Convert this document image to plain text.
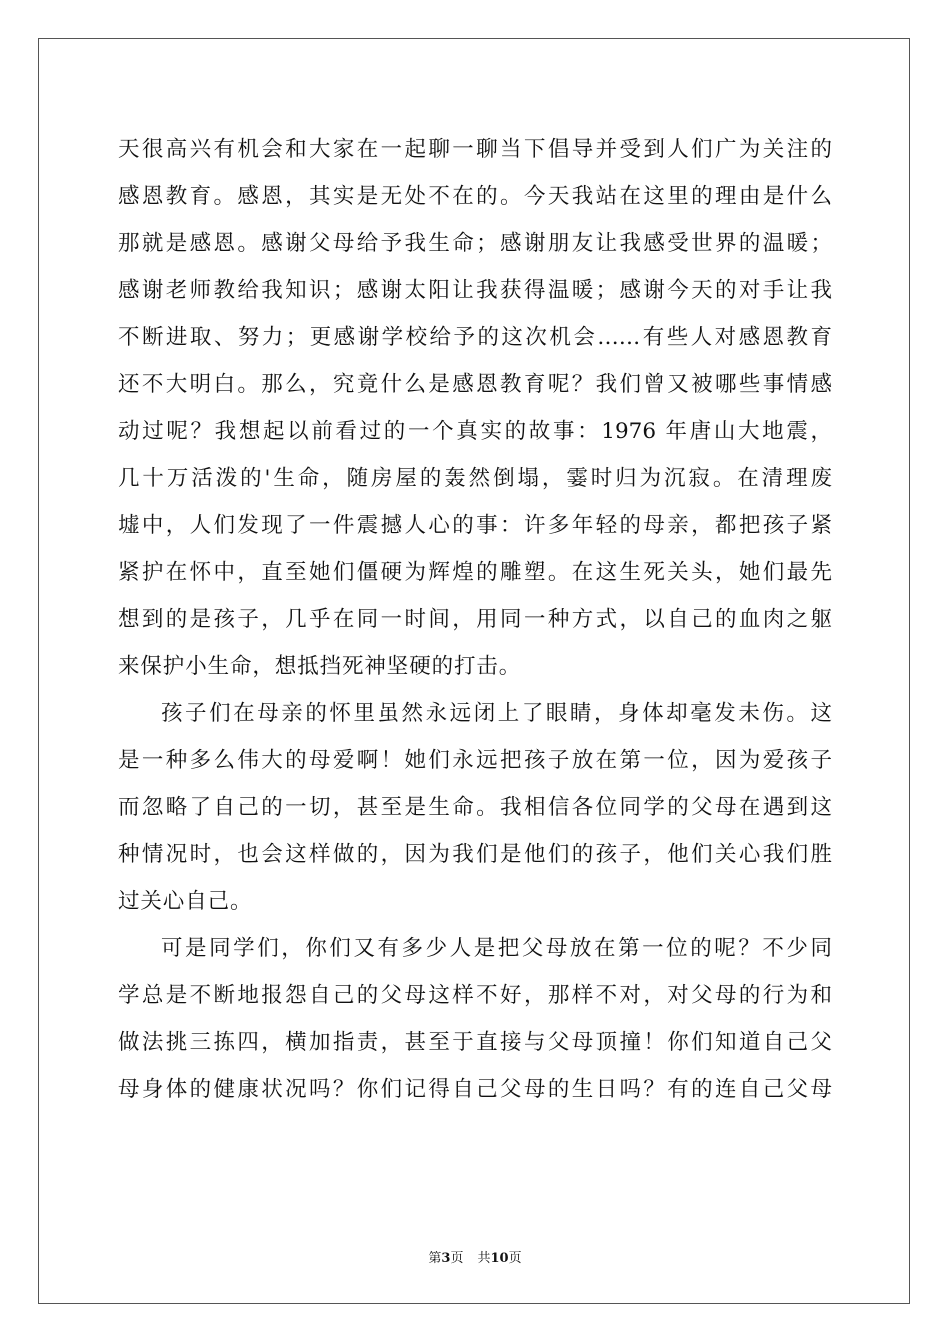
天很高兴有机会和大家在一起聊一聊当下倡导并受到人们广为关注的
感恩教育。感恩，其实是无处不在的。今天我站在这里的理由是什么
那就是感恩。感谢父母给予我生命；感谢朋友让我感受世界的温暖；
感谢老师教给我知识；感谢太阳让我获得温暖；感谢今天的对手让我
不断进取、努力；更感谢学校给予的这次机会……有些人对感恩教育
还不大明白。那么，究竟什么是感恩教育呢？我们曾又被哪些事情感
动过呢？我想起以前看过的一个真实的故事：1976 年唐山大地震，
几十万活泼的'生命，随房屋的轰然倒塌，霎时归为沉寂。在清理废
墟中，人们发现了一件震撼人心的事：许多年轻的母亲，都把孩子紧
紧护在怀中，直至她们僵硬为辉煌的雕塑。在这生死关头，她们最先
想到的是孩子，几乎在同一时间，用同一种方式，以自己的血肉之躯
来保护小生命，想抵挡死神坚硬的打击。
孩子们在母亲的怀里虽然永远闭上了眼睛，身体却毫发未伤。这
是一种多么伟大的母爱啊！她们永远把孩子放在第一位，因为爱孩子
而忽略了自己的一切，甚至是生命。我相信各位同学的父母在遇到这
种情况时，也会这样做的，因为我们是他们的孩子，他们关心我们胜
过关心自己。
可是同学们，你们又有多少人是把父母放在第一位的呢？不少同
学总是不断地报怨自己的父母这样不好，那样不对，对父母的行为和
做法挑三拣四，横加指责，甚至于直接与父母顶撞！你们知道自己父
母身体的健康状况吗？你们记得自己父母的生日吗？有的连自己父母
第3页 共10页
